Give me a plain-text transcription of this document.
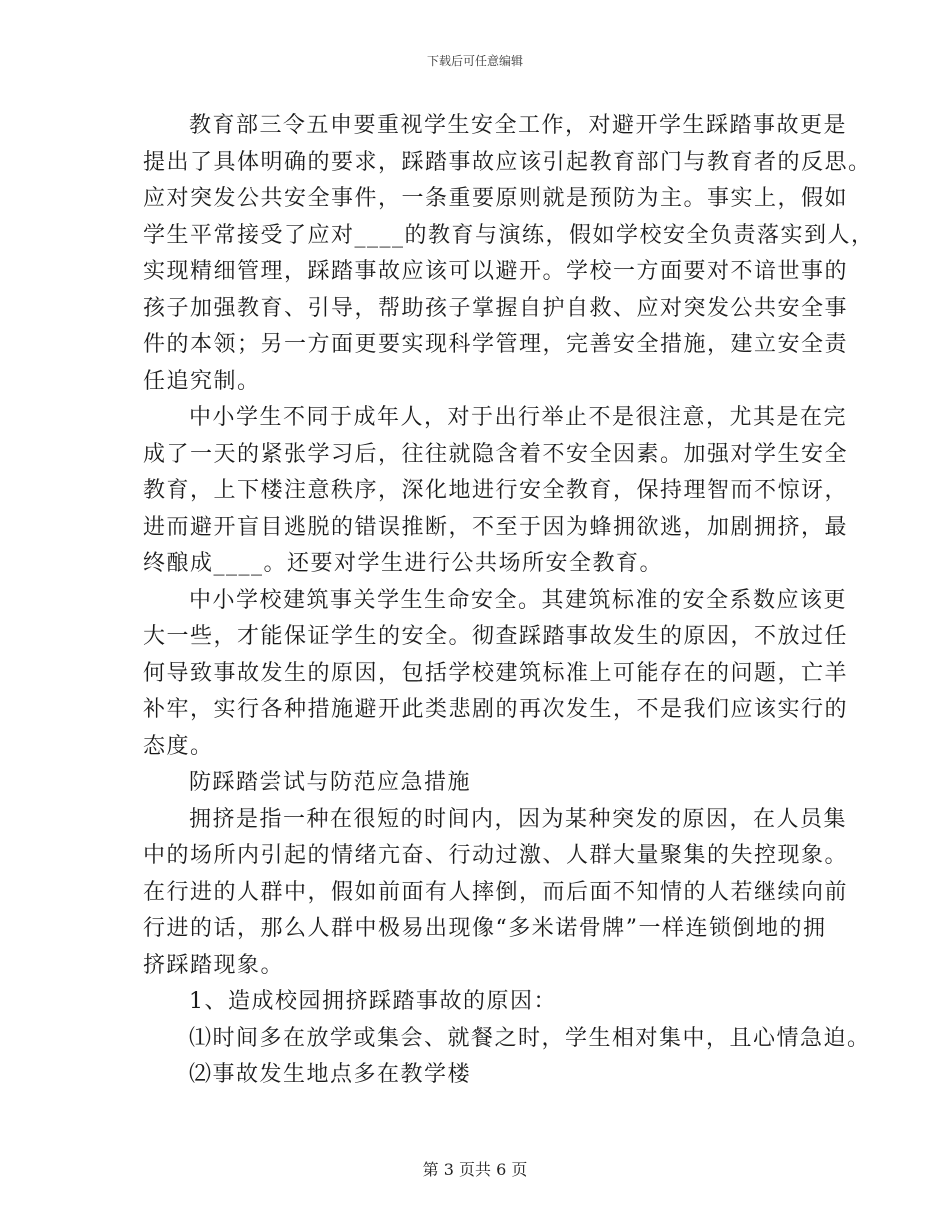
下载后可任意编辑
教育部三令五申要重视学生安全工作，对避开学生踩踏事故更是
提出了具体明确的要求，踩踏事故应该引起教育部门与教育者的反思。
应对突发公共安全事件，一条重要原则就是预防为主。事实上，假如
学生平常接受了应对____的教育与演练，假如学校安全负责落实到人，
实现精细管理，踩踏事故应该可以避开。学校一方面要对不谙世事的
孩子加强教育、引导，帮助孩子掌握自护自救、应对突发公共安全事
件的本领；另一方面更要实现科学管理，完善安全措施，建立安全责
任追究制。
中小学生不同于成年人，对于出行举止不是很注意，尤其是在完
成了一天的紧张学习后，往往就隐含着不安全因素。加强对学生安全
教育，上下楼注意秩序，深化地进行安全教育，保持理智而不惊讶，
进而避开盲目逃脱的错误推断，不至于因为蜂拥欲逃，加剧拥挤，最
终酿成____。还要对学生进行公共场所安全教育。
中小学校建筑事关学生生命安全。其建筑标准的安全系数应该更
大一些，才能保证学生的安全。彻查踩踏事故发生的原因，不放过任
何导致事故发生的原因，包括学校建筑标准上可能存在的问题，亡羊
补牢，实行各种措施避开此类悲剧的再次发生，不是我们应该实行的
态度。
防踩踏尝试与防范应急措施
拥挤是指一种在很短的时间内，因为某种突发的原因，在人员集
中的场所内引起的情绪亢奋、行动过激、人群大量聚集的失控现象。
在行进的人群中，假如前面有人摔倒，而后面不知情的人若继续向前
行进的话，那么人群中极易出现像“多米诺骨牌”一样连锁倒地的拥
挤踩踏现象。
1、造成校园拥挤踩踏事故的原因：
⑴时间多在放学或集会、就餐之时，学生相对集中，且心情急迫。
⑵事故发生地点多在教学楼
第 3 页共 6 页
